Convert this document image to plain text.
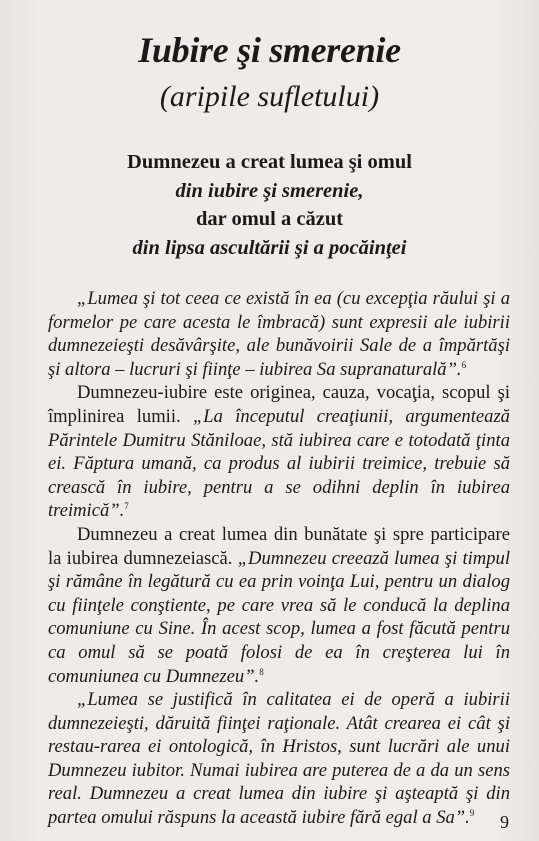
Iubire şi smerenie
(aripile sufletului)
Dumnezeu a creat lumea şi omul
din iubire şi smerenie,
dar omul a căzut
din lipsa ascultării şi a pocăinţei

„Lumea şi tot ceea ce există în ea (cu excepţia răului şi a formelor pe care acesta le îmbracă) sunt expresii ale iubirii dumnezeieşti desăvârşite, ale bunăvoirii Sale de a împărtăşi şi altora – lucruri şi fiinţe – iubirea Sa supranaturală”.$^6$

Dumnezeu-iubire este originea, cauza, vocaţia, scopul şi împlinirea lumii. „La începutul creaţiunii, argumentează Părintele Dumitru Stăniloae, stă iubirea care e totodată ţinta ei. Făptura umană, ca produs al iubirii treimice, trebuie să crească în iubire, pentru a se odihni deplin în iubirea treimică”.$^7$

Dumnezeu a creat lumea din bunătate şi spre participare la iubirea dumnezeiască. „Dumnezeu creează lumea şi timpul şi rămâne în legătură cu ea prin voinţa Lui, pentru un dialog cu fiinţele conştiente, pe care vrea să le conducă la deplina comuniune cu Sine. În acest scop, lumea a fost făcută pentru ca omul să se poată folosi de ea în creşterea lui în comuniunea cu Dumnezeu”.$^8$

„Lumea se justifică în calitatea ei de operă a iubirii dumnezeieşti, dăruită fiinţei raţionale. Atât crearea ei cât şi restau-rarea ei ontologică, în Hristos, sunt lucrări ale unui Dumnezeu iubitor. Numai iubirea are puterea de a da un sens real. Dumnezeu a creat lumea din iubire şi aşteaptă şi din partea omului răspuns la această iubire fără egal a Sa”.$^9$	9
